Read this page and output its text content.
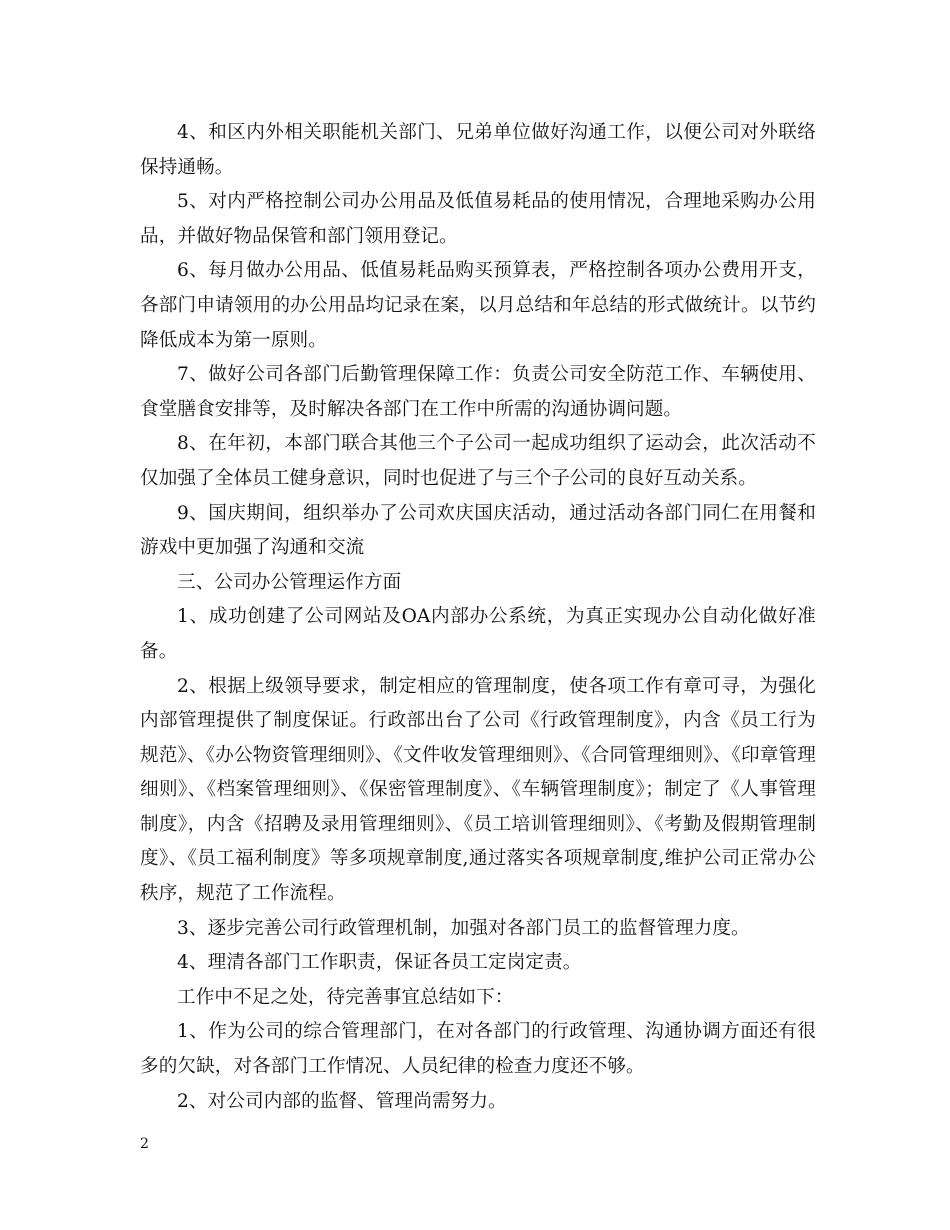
4、和区内外相关职能机关部门、兄弟单位做好沟通工作，以便公司对外联络保持通畅。

5、对内严格控制公司办公用品及低值易耗品的使用情况，合理地采购办公用品，并做好物品保管和部门领用登记。

6、每月做办公用品、低值易耗品购买预算表，严格控制各项办公费用开支，各部门申请领用的办公用品均记录在案，以月总结和年总结的形式做统计。以节约降低成本为第一原则。

7、做好公司各部门后勤管理保障工作：负责公司安全防范工作、车辆使用、食堂膳食安排等，及时解决各部门在工作中所需的沟通协调问题。

8、在年初，本部门联合其他三个子公司一起成功组织了运动会，此次活动不仅加强了全体员工健身意识，同时也促进了与三个子公司的良好互动关系。

9、国庆期间，组织举办了公司欢庆国庆活动，通过活动各部门同仁在用餐和游戏中更加强了沟通和交流

三、公司办公管理运作方面

1、成功创建了公司网站及OA内部办公系统，为真正实现办公自动化做好准备。

2、根据上级领导要求，制定相应的管理制度，使各项工作有章可寻，为强化内部管理提供了制度保证。行政部出台了公司《行政管理制度》，内含《员工行为规范》、《办公物资管理细则》、《文件收发管理细则》、《合同管理细则》、《印章管理细则》、《档案管理细则》、《保密管理制度》、《车辆管理制度》；制定了《人事管理制度》，内含《招聘及录用管理细则》、《员工培训管理细则》、《考勤及假期管理制度》、《员工福利制度》等多项规章制度,通过落实各项规章制度,维护公司正常办公秩序，规范了工作流程。

3、逐步完善公司行政管理机制，加强对各部门员工的监督管理力度。

4、理清各部门工作职责，保证各员工定岗定责。

工作中不足之处，待完善事宜总结如下：

1、作为公司的综合管理部门，在对各部门的行政管理、沟通协调方面还有很多的欠缺，对各部门工作情况、人员纪律的检查力度还不够。

2、对公司内部的监督、管理尚需努力。

2
